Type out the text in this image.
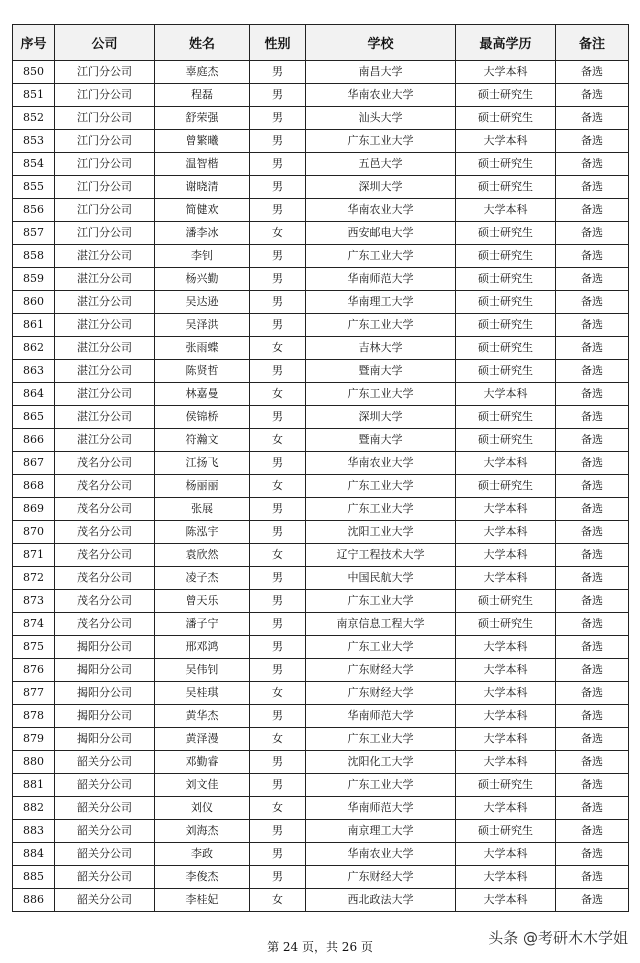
序号	公司	姓名	性别	学校	最高学历	备注
850	江门分公司	辜庭杰	男	南昌大学	大学本科	备选
851	江门分公司	程磊	男	华南农业大学	硕士研究生	备选
852	江门分公司	舒荣强	男	汕头大学	硕士研究生	备选
853	江门分公司	曾繁曦	男	广东工业大学	大学本科	备选
854	江门分公司	温智楷	男	五邑大学	硕士研究生	备选
855	江门分公司	谢晓清	男	深圳大学	硕士研究生	备选
856	江门分公司	简健欢	男	华南农业大学	大学本科	备选
857	江门分公司	潘李冰	女	西安邮电大学	硕士研究生	备选
858	湛江分公司	李钊	男	广东工业大学	硕士研究生	备选
859	湛江分公司	杨兴勤	男	华南师范大学	硕士研究生	备选
860	湛江分公司	吴达逊	男	华南理工大学	硕士研究生	备选
861	湛江分公司	吴泽洪	男	广东工业大学	硕士研究生	备选
862	湛江分公司	张雨蝶	女	吉林大学	硕士研究生	备选
863	湛江分公司	陈贤哲	男	暨南大学	硕士研究生	备选
864	湛江分公司	林嘉曼	女	广东工业大学	大学本科	备选
865	湛江分公司	侯锦桥	男	深圳大学	硕士研究生	备选
866	湛江分公司	符瀚文	女	暨南大学	硕士研究生	备选
867	茂名分公司	江扬飞	男	华南农业大学	大学本科	备选
868	茂名分公司	杨丽丽	女	广东工业大学	硕士研究生	备选
869	茂名分公司	张展	男	广东工业大学	大学本科	备选
870	茂名分公司	陈泓宇	男	沈阳工业大学	大学本科	备选
871	茂名分公司	袁欣然	女	辽宁工程技术大学	大学本科	备选
872	茂名分公司	凌子杰	男	中国民航大学	大学本科	备选
873	茂名分公司	曾天乐	男	广东工业大学	硕士研究生	备选
874	茂名分公司	潘子宁	男	南京信息工程大学	硕士研究生	备选
875	揭阳分公司	邢邓鸿	男	广东工业大学	大学本科	备选
876	揭阳分公司	吴伟钊	男	广东财经大学	大学本科	备选
877	揭阳分公司	吴桂琪	女	广东财经大学	大学本科	备选
878	揭阳分公司	黄华杰	男	华南师范大学	大学本科	备选
879	揭阳分公司	黄泽漫	女	广东工业大学	大学本科	备选
880	韶关分公司	邓勤睿	男	沈阳化工大学	大学本科	备选
881	韶关分公司	刘文佳	男	广东工业大学	硕士研究生	备选
882	韶关分公司	刘仪	女	华南师范大学	大学本科	备选
883	韶关分公司	刘海杰	男	南京理工大学	硕士研究生	备选
884	韶关分公司	李政	男	华南农业大学	大学本科	备选
885	韶关分公司	李俊杰	男	广东财经大学	大学本科	备选
886	韶关分公司	李桂妃	女	西北政法大学	大学本科	备选
第 24 页，共 26 页	头条 @考研木木学姐
